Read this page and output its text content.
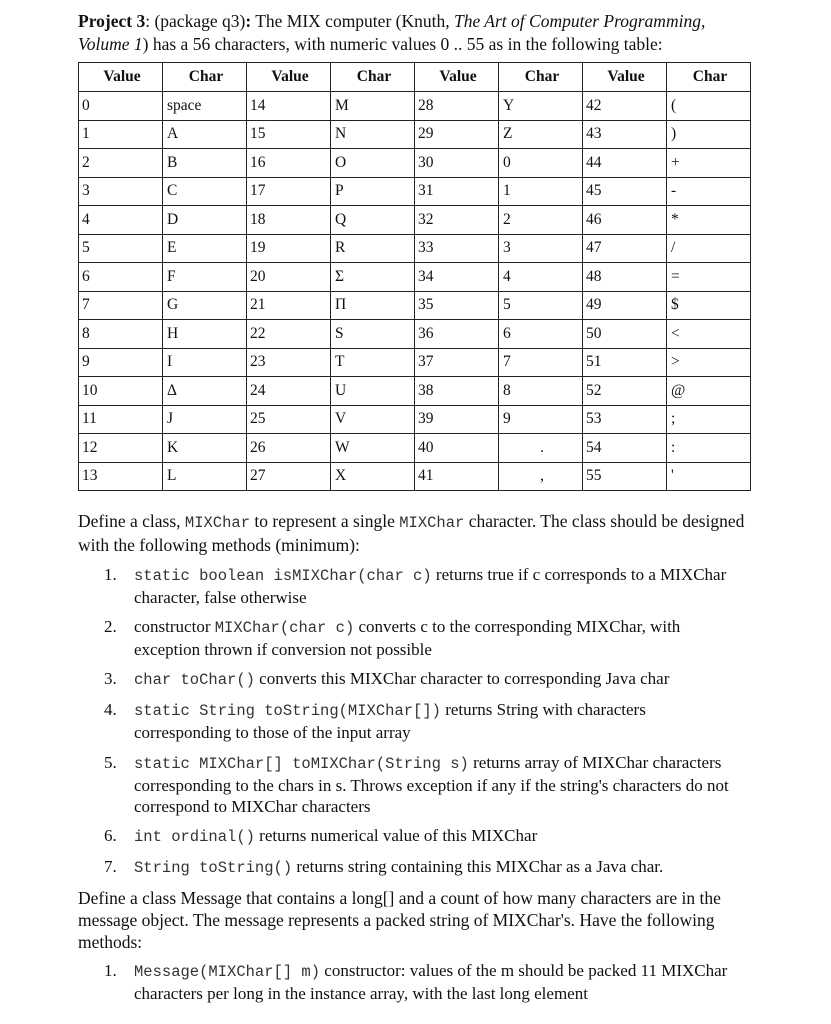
Project 3: (package q3): The MIX computer (Knuth, The Art of Computer Programming, Volume 1) has a 56 characters, with numeric values 0 .. 55 as in the following table:

Value	Char	Value	Char	Value	Char	Value	Char
0	space	14	M	28	Y	42	(
1	A	15	N	29	Z	43	)
2	B	16	O	30	0	44	+
3	C	17	P	31	1	45	-
4	D	18	Q	32	2	46	*
5	E	19	R	33	3	47	/
6	F	20	Σ	34	4	48	=
7	G	21	Π	35	5	49	$
8	H	22	S	36	6	50	<
9	I	23	T	37	7	51	>
10	Δ	24	U	38	8	52	@
11	J	25	V	39	9	53	;
12	K	26	W	40	.	54	:
13	L	27	X	41	,	55	'
Define a class, MIXChar to represent a single MIXChar character. The class should be designed with the following methods (minimum):
1.	static boolean isMIXChar(char c) returns true if c corresponds to a MIXChar character, false otherwise
2.	constructor MIXChar(char c) converts c to the corresponding MIXChar, with exception thrown if conversion not possible
3.	char toChar() converts this MIXChar character to corresponding Java char
4.	static String toString(MIXChar[]) returns String with characters corresponding to those of the input array
5.	static MIXChar[] toMIXChar(String s) returns array of MIXChar characters corresponding to the chars in s. Throws exception if any if the string's characters do not correspond to MIXChar characters
6.	int ordinal() returns numerical value of this MIXChar
7.	String toString() returns string containing this MIXChar as a Java char.
Define a class Message that contains a long[] and a count of how many characters are in the message object. The message represents a packed string of MIXChar's. Have the following methods:
1.	Message(MIXChar[] m) constructor: values of the m should be packed 11 MIXChar characters per long in the instance array, with the last long element
